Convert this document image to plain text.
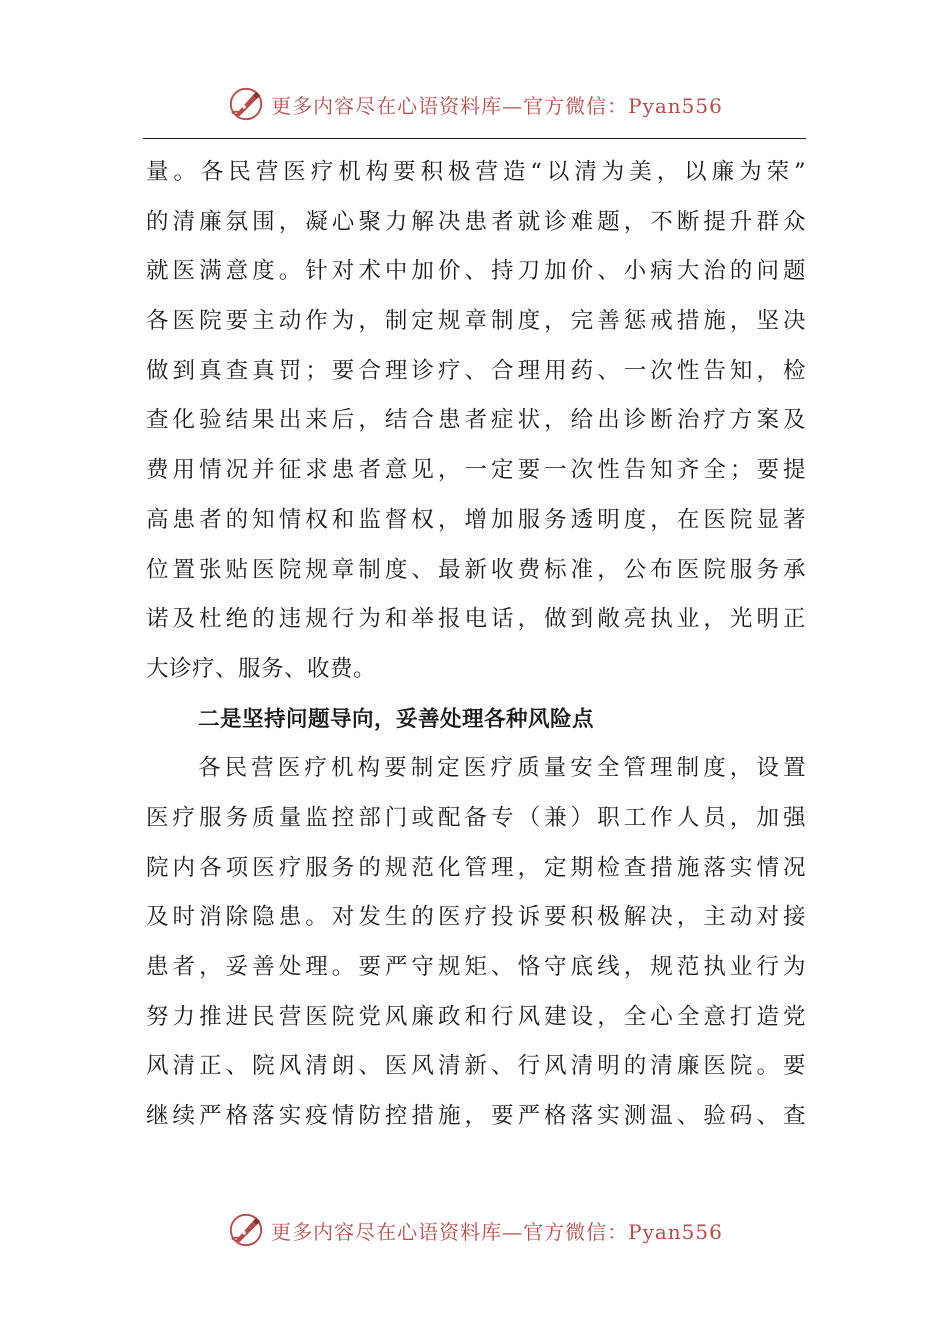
更多内容尽在心语资料库—官方微信：Pyan556
量。各民营医疗机构要积极营造“以清为美，以廉为荣”
的清廉氛围，凝心聚力解决患者就诊难题，不断提升群众
就医满意度。针对术中加价、持刀加价、小病大治的问题
各医院要主动作为，制定规章制度，完善惩戒措施，坚决
做到真查真罚；要合理诊疗、合理用药、一次性告知，检
查化验结果出来后，结合患者症状，给出诊断治疗方案及
费用情况并征求患者意见，一定要一次性告知齐全；要提
高患者的知情权和监督权，增加服务透明度，在医院显著
位置张贴医院规章制度、最新收费标准，公布医院服务承
诺及杜绝的违规行为和举报电话，做到敞亮执业，光明正
大诊疗、服务、收费。
二是坚持问题导向，妥善处理各种风险点
各民营医疗机构要制定医疗质量安全管理制度，设置
医疗服务质量监控部门或配备专（兼）职工作人员，加强
院内各项医疗服务的规范化管理，定期检查措施落实情况
及时消除隐患。对发生的医疗投诉要积极解决，主动对接
患者，妥善处理。要严守规矩、恪守底线，规范执业行为
努力推进民营医院党风廉政和行风建设，全心全意打造党
风清正、院风清朗、医风清新、行风清明的清廉医院。要
继续严格落实疫情防控措施，要严格落实测温、验码、查
更多内容尽在心语资料库—官方微信：Pyan556
